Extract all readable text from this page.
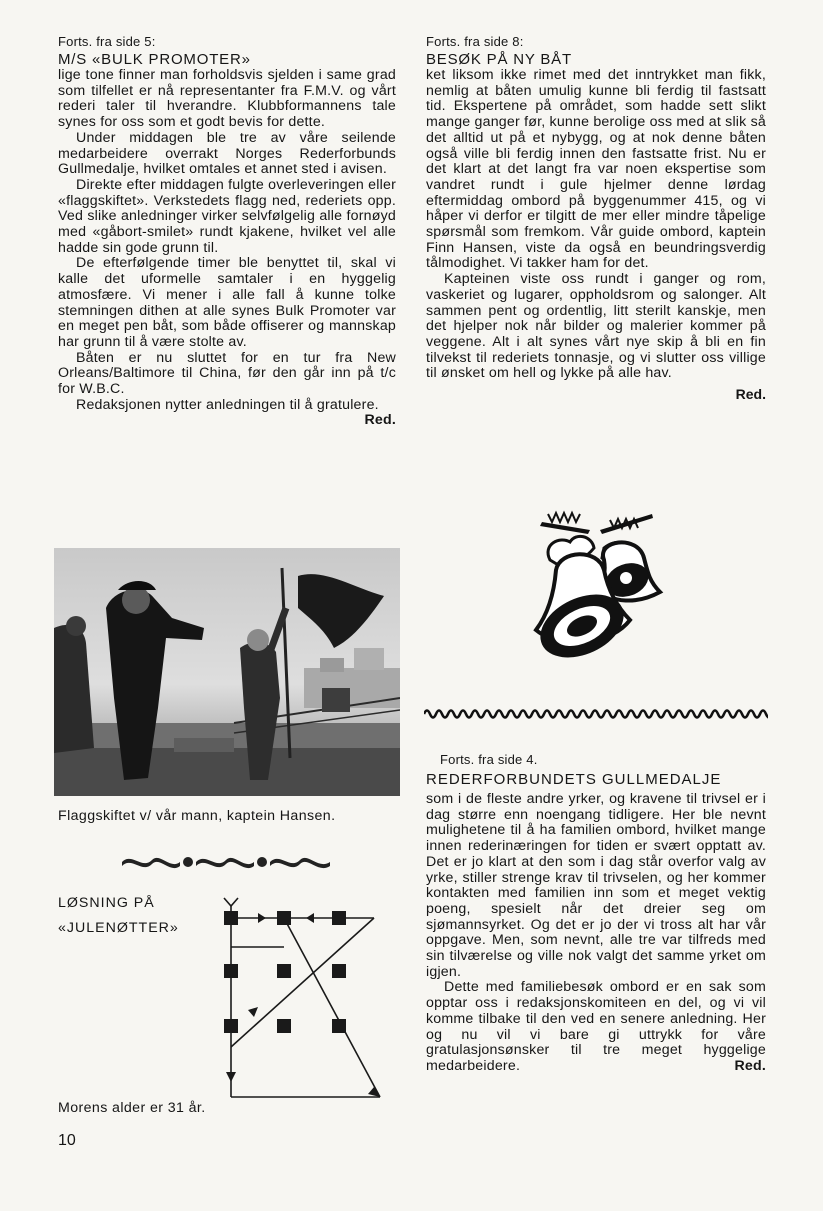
Forts. fra side 5:
M/S «BULK PROMOTER»

lige tone finner man forholdsvis sjelden i same grad som tilfellet er nå representanter fra F.M.V. og vårt rederi taler til hverandre. Klubbformannens tale synes for oss som et godt bevis for dette.

Under middagen ble tre av våre seilende medarbeidere overrakt Norges Rederforbunds Gullmedalje, hvilket omtales et annet sted i avisen.

Direkte efter middagen fulgte overleveringen eller «flaggskiftet». Verkstedets flagg ned, rederiets opp. Ved slike anledninger virker selvfølgelig alle fornøyd med «gåbort-smilet» rundt kjakene, hvilket vel alle hadde sin gode grunn til.

De efterfølgende timer ble benyttet til, skal vi kalle det uformelle samtaler i en hyggelig atmosfære. Vi mener i alle fall å kunne tolke stemningen dithen at alle synes Bulk Promoter var en meget pen båt, som både offiserer og mannskap har grunn til å være stolte av.

Båten er nu sluttet for en tur fra New Orleans/Baltimore til China, før den går inn på t/c for W.B.C.

Redaksjonen nytter anledningen til å gratulere.
Red.

Flaggskiftet v/ vår mann, kaptein Hansen.
LØSNING PÅ
«JULENØTTER»
Morens alder er 31 år.
Forts. fra side 8:
BESØK PÅ NY BÅT

ket liksom ikke rimet med det inntrykket man fikk, nemlig at båten umulig kunne bli ferdig til fastsatt tid. Ekspertene på området, som hadde sett slikt mange ganger før, kunne berolige oss med at slik så det alltid ut på et nybygg, og at nok denne båten også ville bli ferdig innen den fastsatte frist. Nu er det klart at det langt fra var noen ekspertise som vandret rundt i gule hjelmer denne lørdag eftermiddag ombord på byggenummer 415, og vi håper vi derfor er tilgitt de mer eller mindre tåpelige spørsmål som fremkom. Vår guide ombord, kaptein Finn Hansen, viste da også en beundringsverdig tålmodighet. Vi takker ham for det.

Kapteinen viste oss rundt i ganger og rom, vaskeriet og lugarer, oppholdsrom og salonger. Alt sammen pent og ordentlig, litt sterilt kanskje, men det hjelper nok når bilder og malerier kommer på veggene. Alt i alt synes vårt nye skip å bli en fin tilvekst til rederiets tonnasje, og vi slutter oss villige til ønsket om hell og lykke på alle hav.

Red.
Forts. fra side 4.
REDERFORBUNDETS GULLMEDALJE

som i de fleste andre yrker, og kravene til trivsel er i dag større enn noengang tidligere. Her ble nevnt mulighetene til å ha familien ombord, hvilket mange innen rederinæringen for tiden er svært opptatt av. Det er jo klart at den som i dag står overfor valg av yrke, stiller strenge krav til trivselen, og her kommer kontakten med familien inn som et meget vektig poeng, spesielt når det dreier seg om sjømannsyrket. Og det er jo der vi tross alt har vår oppgave. Men, som nevnt, alle tre var tilfreds med sin tilværelse og ville nok valgt det samme yrket om igjen.

Dette med familiebesøk ombord er en sak som opptar oss i redaksjonskomiteen en del, og vi vil komme tilbake til den ved en senere anledning. Her og nu vil vi bare gi uttrykk for våre gratulasjonsønsker til tre meget hyggelige medarbeidere.	Red.

10
